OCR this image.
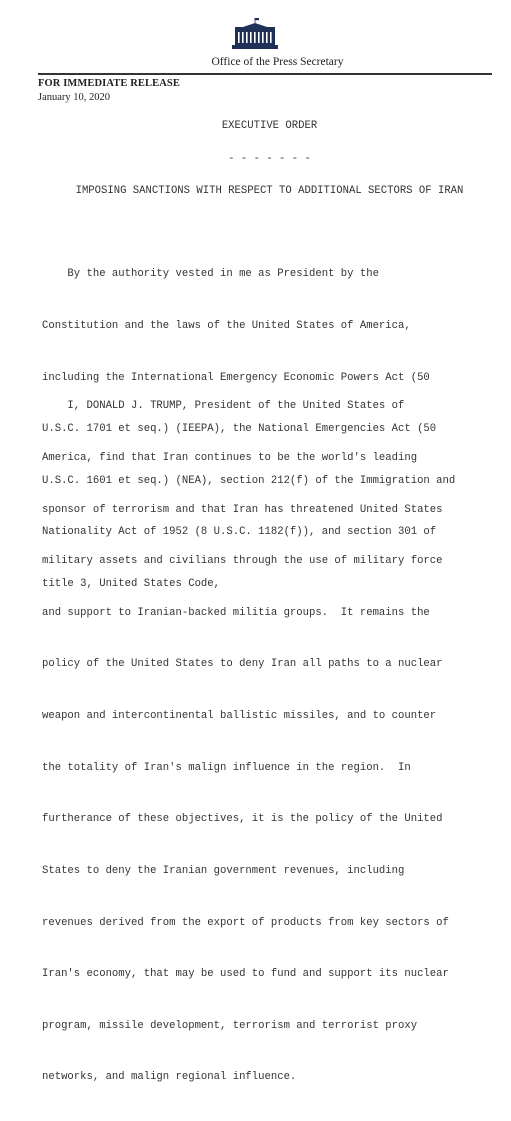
Office of the Press Secretary
FOR IMMEDIATE RELEASE
January 10, 2020
EXECUTIVE ORDER
- - - - - - -
IMPOSING SANCTIONS WITH RESPECT TO ADDITIONAL SECTORS OF IRAN

By the authority vested in me as President by the

Constitution and the laws of the United States of America,

including the International Emergency Economic Powers Act (50

U.S.C. 1701 et seq.) (IEEPA), the National Emergencies Act (50

U.S.C. 1601 et seq.) (NEA), section 212(f) of the Immigration and

Nationality Act of 1952 (8 U.S.C. 1182(f)), and section 301 of

title 3, United States Code,

I, DONALD J. TRUMP, President of the United States of

America, find that Iran continues to be the world's leading

sponsor of terrorism and that Iran has threatened United States

military assets and civilians through the use of military force

and support to Iranian-backed militia groups.  It remains the

policy of the United States to deny Iran all paths to a nuclear

weapon and intercontinental ballistic missiles, and to counter

the totality of Iran's malign influence in the region.  In

furtherance of these objectives, it is the policy of the United

States to deny the Iranian government revenues, including

revenues derived from the export of products from key sectors of

Iran's economy, that may be used to fund and support its nuclear

program, missile development, terrorism and terrorist proxy

networks, and malign regional influence.
